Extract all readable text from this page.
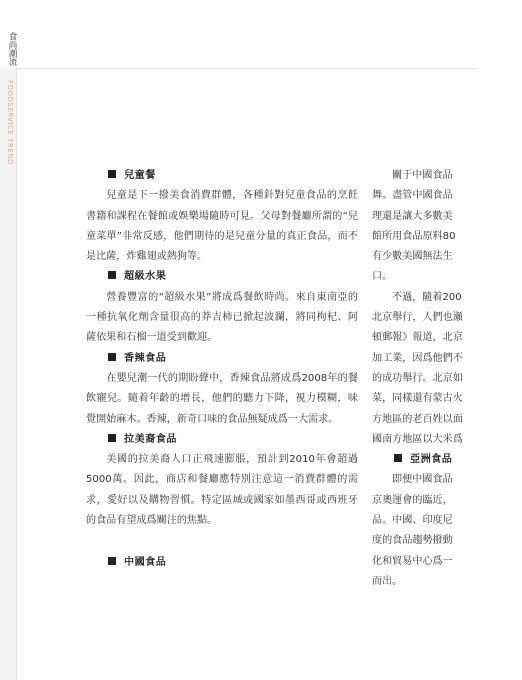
食尚潮流
FOODSERVICE TREND
兒童餐

兒童是下一撥美食消費群體，各種針對兒童食品的烹飪書籍和課程在餐館或娛樂場隨時可見。父母對餐廳所謂的“兒童菜單”非常反感，他們期待的是兒童分量的真正食品，而不是比薩，炸雞翅或熱狗等。

超級水果

營養豐富的“超級水果”將成爲餐飲時尚。來自東南亞的一種抗氧化劑含量很高的莽吉柿已掀起波瀾，將同枸杞、阿薩依果和石榴一道受到歡迎。

香辣食品

在嬰兒潮一代的期盼聲中，香辣食品將成爲2008年的餐飲寵兒。隨着年齡的增長，他們的聽力下降，視力模糊，味覺開始麻木。香辣，新奇口味的食品無疑成爲一大需求。

拉美裔食品

美國的拉美裔人口正飛速膨脹，預計到2010年會超過5000萬。因此，商店和餐廳應特別注意這一消費群體的需求，愛好以及購物習慣。特定區域或國家如墨西哥或西班牙的食品有望成爲關注的焦點。

中國食品
關于中國食品
舞。盡管中國食品
理還是讓大多數美
館所用食品原料80
有少數美國無法生
口。
不過，隨着200
北京舉行，人們也瀬
頓郵報》報道，北京
加工業，因爲他們不
的成功舉行。北京如
菜，同樣還有蒙古火
方地區的老百姓以面
國南方地區以大米爲
亞洲食品
即便中國食品
京奧運會的臨近，
品。中國、印度尼
度的食品趨勢撥動
化和貿易中心爲一
而出。
